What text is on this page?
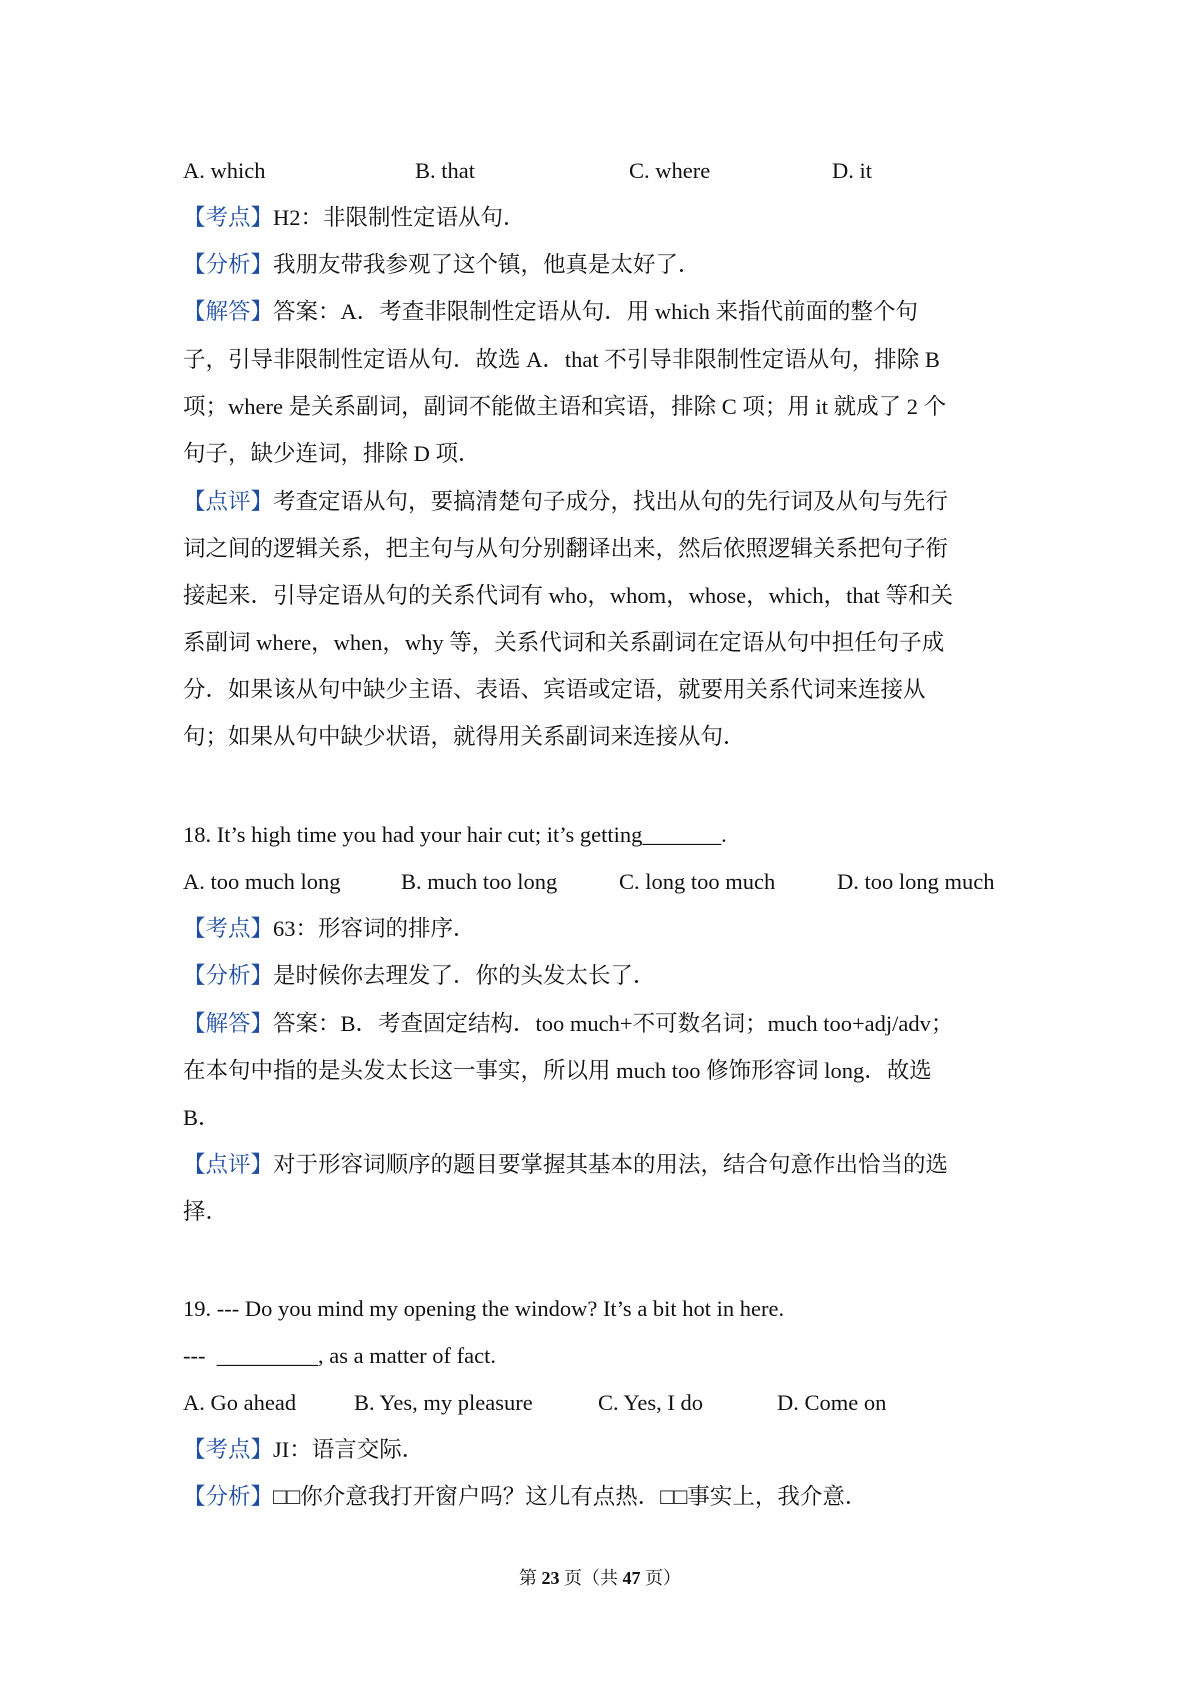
A. which	B. that	C. where	D. it
【考点】H2：非限制性定语从句．
【分析】我朋友带我参观了这个镇，他真是太好了．
【解答】答案：A．考查非限制性定语从句．用 which 来指代前面的整个句
子，引导非限制性定语从句．故选 A．that 不引导非限制性定语从句，排除 B
项；where 是关系副词，副词不能做主语和宾语，排除 C 项；用 it 就成了 2 个
句子，缺少连词，排除 D 项．
【点评】考查定语从句，要搞清楚句子成分，找出从句的先行词及从句与先行
词之间的逻辑关系，把主句与从句分别翻译出来，然后依照逻辑关系把句子衔
接起来．引导定语从句的关系代词有 who，whom，whose，which，that 等和关
系副词 where，when，why 等，关系代词和关系副词在定语从句中担任句子成
分．如果该从句中缺少主语、表语、宾语或定语，就要用关系代词来连接从
句；如果从句中缺少状语，就得用关系副词来连接从句．
18. It’s high time you had your hair cut; it’s getting_______.
A. too much long	B. much too long	C. long too much	D. too long much
【考点】63：形容词的排序．
【分析】是时候你去理发了．你的头发太长了．
【解答】答案：B．考查固定结构．too much+不可数名词；much too+adj/adv；
在本句中指的是头发太长这一事实，所以用 much too 修饰形容词 long．故选
B．
【点评】对于形容词顺序的题目要掌握其基本的用法，结合句意作出恰当的选
择．
19. --- Do you mind my opening the window? It’s a bit hot in here.
---  _________, as a matter of fact.
A. Go ahead	B. Yes, my pleasure	C. Yes, I do	D. Come on
【考点】JI：语言交际．
【分析】□□你介意我打开窗户吗？这儿有点热．□□事实上，我介意．
第 23 页（共 47 页）
